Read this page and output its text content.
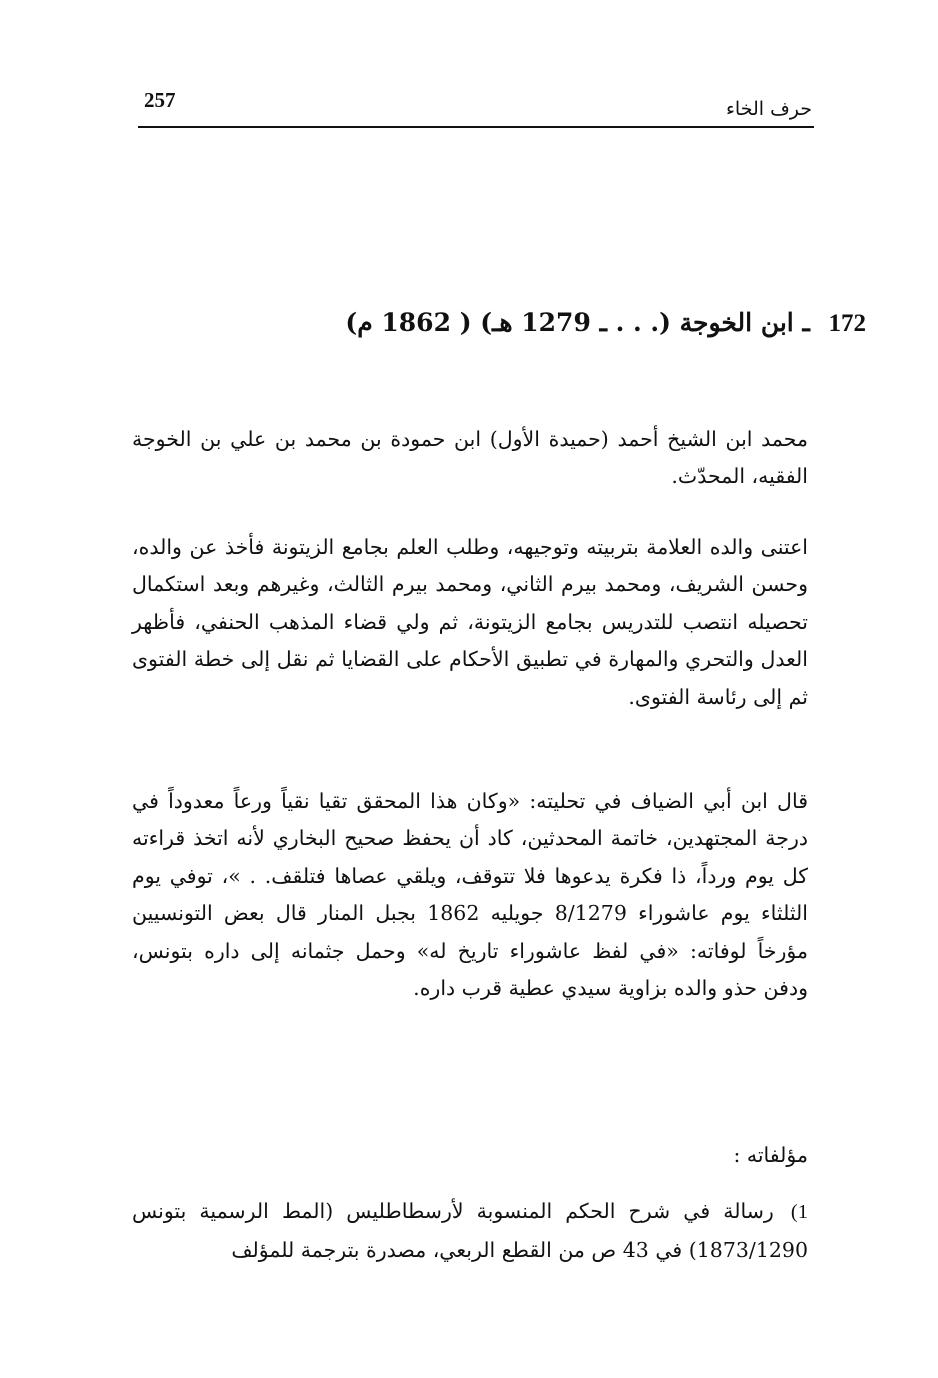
257	حرف الخاء
172 ـ ابن الخوجة (. . . ـ 1279 هـ) ( 1862 م)

محمد ابن الشيخ أحمد (حميدة الأول) ابن حمودة بن محمد بن علي بن الخوجة الفقيه، المحدّث.

اعتنى والده العلامة بتربيته وتوجيهه، وطلب العلم بجامع الزيتونة فأخذ عن والده، وحسن الشريف، ومحمد بيرم الثاني، ومحمد بيرم الثالث، وغيرهم وبعد استكمال تحصيله انتصب للتدريس بجامع الزيتونة، ثم ولي قضاء المذهب الحنفي، فأظهر العدل والتحري والمهارة في تطبيق الأحكام على القضايا ثم نقل إلى خطة الفتوى ثم إلى رئاسة الفتوى.

قال ابن أبي الضياف في تحليته: «وكان هذا المحقق تقيا نقياً ورعاً معدوداً في درجة المجتهدين، خاتمة المحدثين، كاد أن يحفظ صحيح البخاري لأنه اتخذ قراءته كل يوم ورداً، ذا فكرة يدعوها فلا تتوقف، ويلقي عصاها فتلقف. . »، توفي يوم الثلثاء يوم عاشوراء 8/1279 جويليه 1862 بجبل المنار قال بعض التونسيين مؤرخاً لوفاته: «في لفظ عاشوراء تاريخ له» وحمل جثمانه إلى داره بتونس، ودفن حذو والده بزاوية سيدي عطية قرب داره.

مؤلفاته :
1) رسالة في شرح الحكم المنسوبة لأرسطاطليس (المط الرسمية بتونس 1873/1290) في 43 ص من القطع الربعي، مصدرة بترجمة للمؤلف
